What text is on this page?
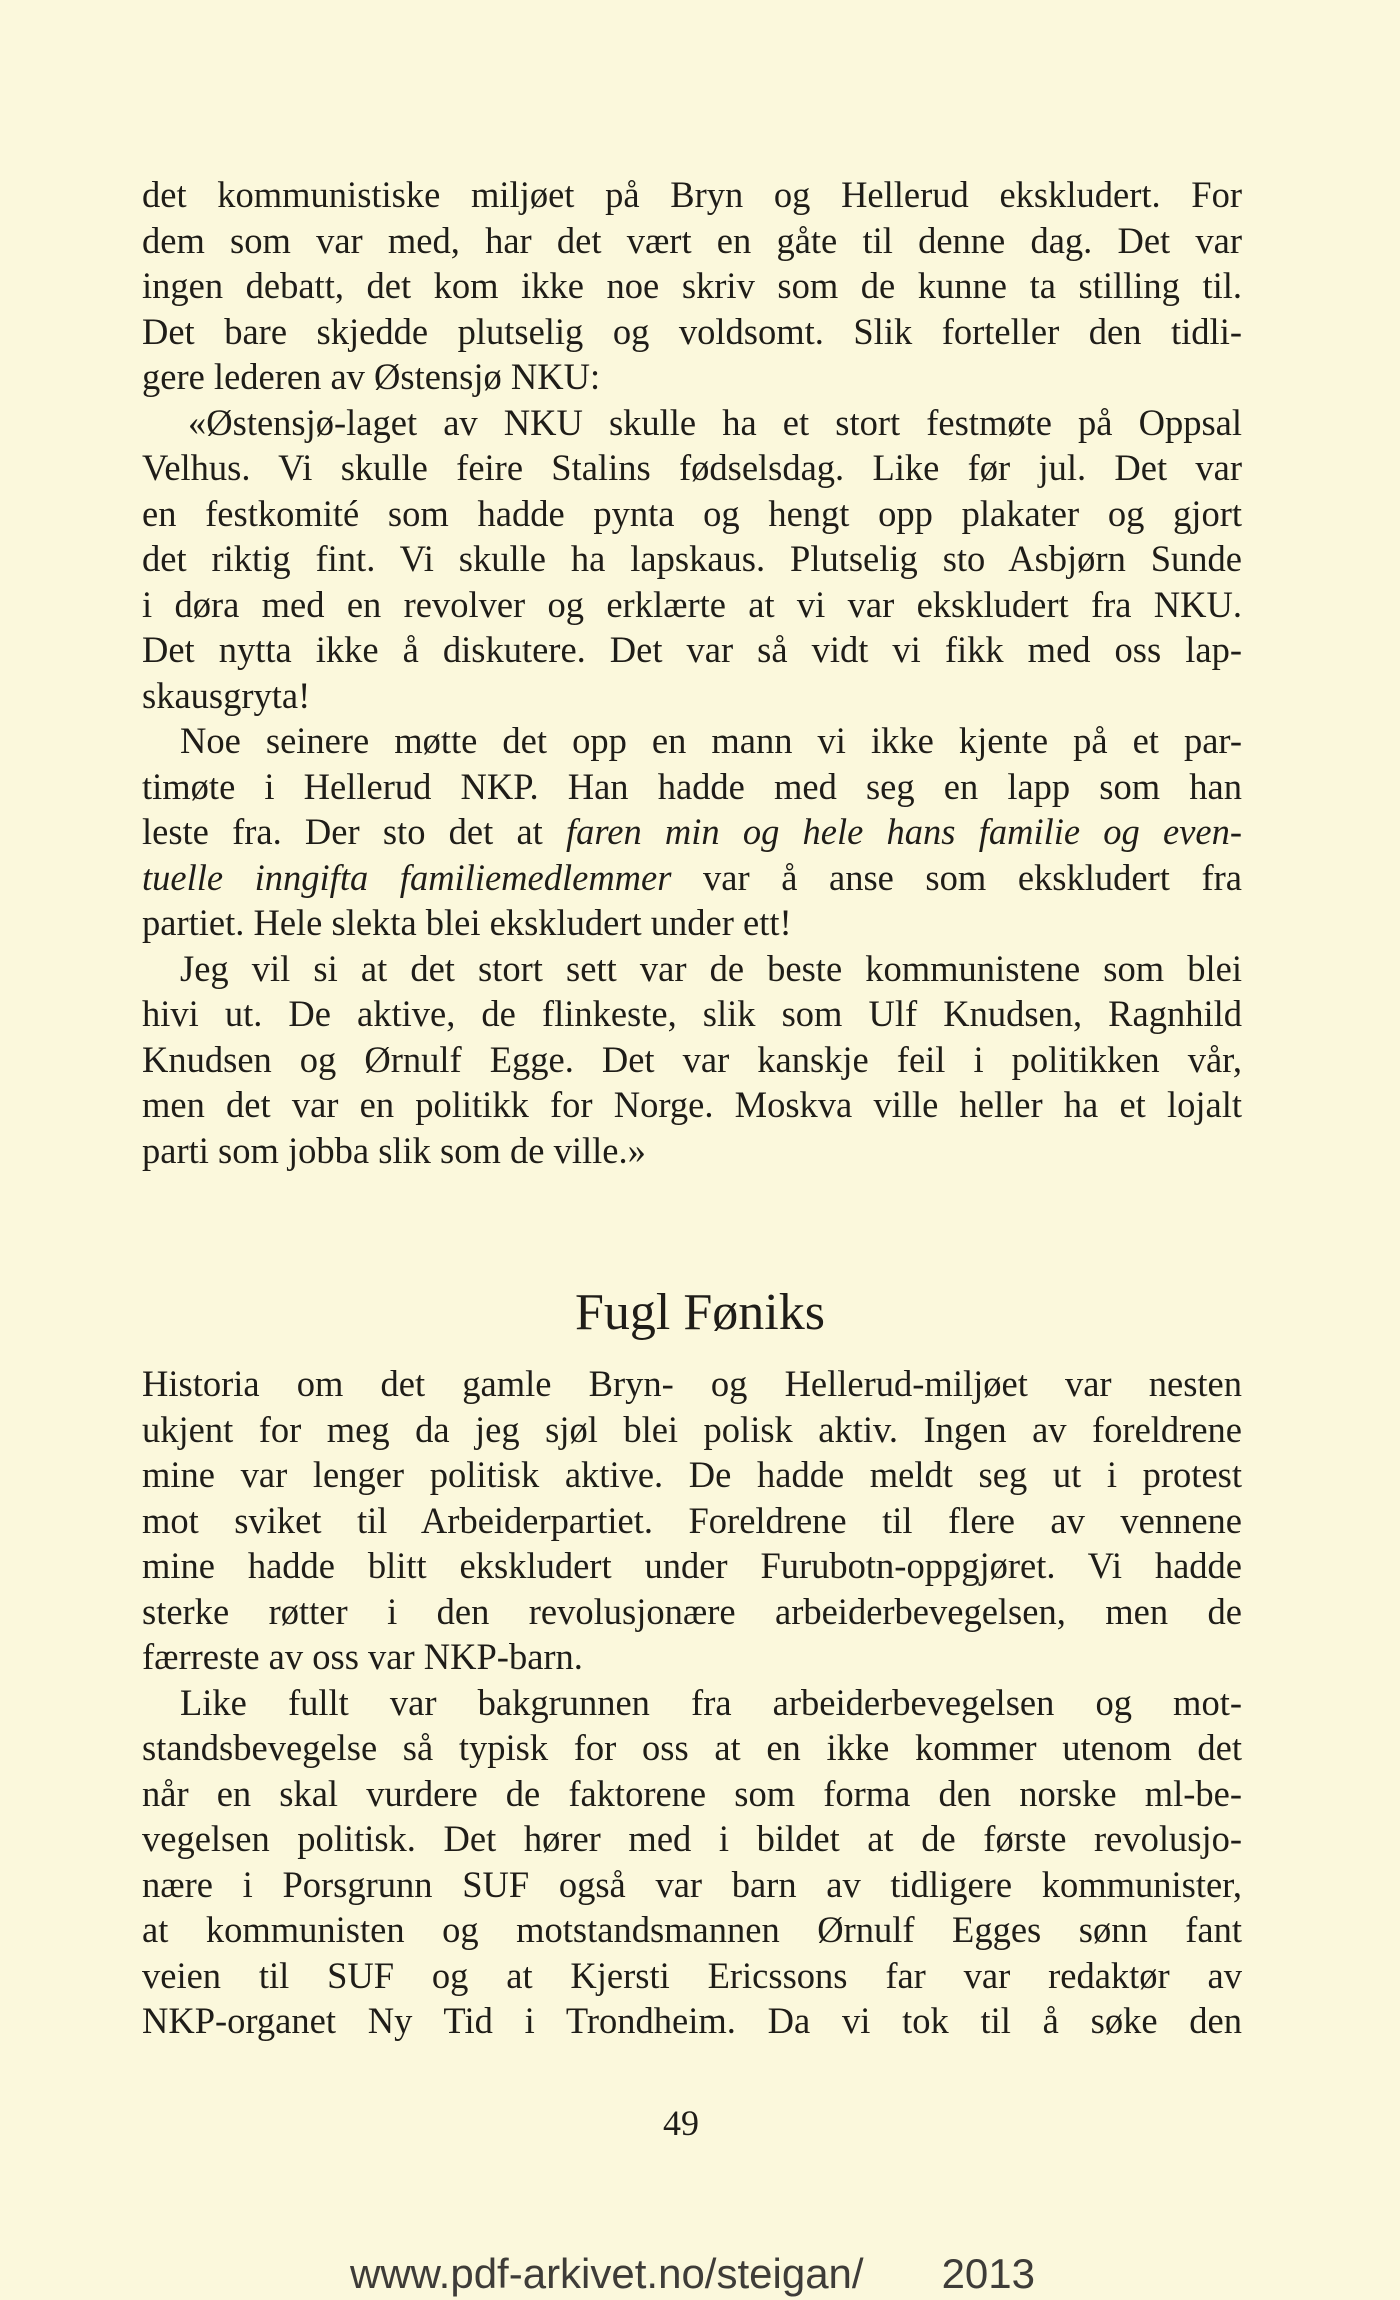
det kommunistiske miljøet på Bryn og Hellerud ekskludert. For
dem som var med, har det vært en gåte til denne dag. Det var
ingen debatt, det kom ikke noe skriv som de kunne ta stilling til.
Det bare skjedde plutselig og voldsomt. Slik forteller den tidli-
gere lederen av Østensjø NKU:
«Østensjø-laget av NKU skulle ha et stort festmøte på Oppsal
Velhus. Vi skulle feire Stalins fødselsdag. Like før jul. Det var
en festkomité som hadde pynta og hengt opp plakater og gjort
det riktig fint. Vi skulle ha lapskaus. Plutselig sto Asbjørn Sunde
i døra med en revolver og erklærte at vi var ekskludert fra NKU.
Det nytta ikke å diskutere. Det var så vidt vi fikk med oss lap-
skausgryta!
Noe seinere møtte det opp en mann vi ikke kjente på et par-
timøte i Hellerud NKP. Han hadde med seg en lapp som han
leste fra. Der sto det at faren min og hele hans familie og even-
tuelle inngifta familiemedlemmer var å anse som ekskludert fra
partiet. Hele slekta blei ekskludert under ett!
Jeg vil si at det stort sett var de beste kommunistene som blei
hivi ut. De aktive, de flinkeste, slik som Ulf Knudsen, Ragnhild
Knudsen og Ørnulf Egge. Det var kanskje feil i politikken vår,
men det var en politikk for Norge. Moskva ville heller ha et lojalt
parti som jobba slik som de ville.»
Fugl Føniks
Historia om det gamle Bryn- og Hellerud-miljøet var nesten
ukjent for meg da jeg sjøl blei polisk aktiv. Ingen av foreldrene
mine var lenger politisk aktive. De hadde meldt seg ut i protest
mot sviket til Arbeiderpartiet. Foreldrene til flere av vennene
mine hadde blitt ekskludert under Furubotn-oppgjøret. Vi hadde
sterke røtter i den revolusjonære arbeiderbevegelsen, men de
færreste av oss var NKP-barn.
Like fullt var bakgrunnen fra arbeiderbevegelsen og mot-
standsbevegelse så typisk for oss at en ikke kommer utenom det
når en skal vurdere de faktorene som forma den norske ml-be-
vegelsen politisk. Det hører med i bildet at de første revolusjo-
nære i Porsgrunn SUF også var barn av tidligere kommunister,
at kommunisten og motstandsmannen Ørnulf Egges sønn fant
veien til SUF og at Kjersti Ericssons far var redaktør av
NKP-organet Ny Tid i Trondheim. Da vi tok til å søke den
49
www.pdf-arkivet.no/steigan/ 2013
